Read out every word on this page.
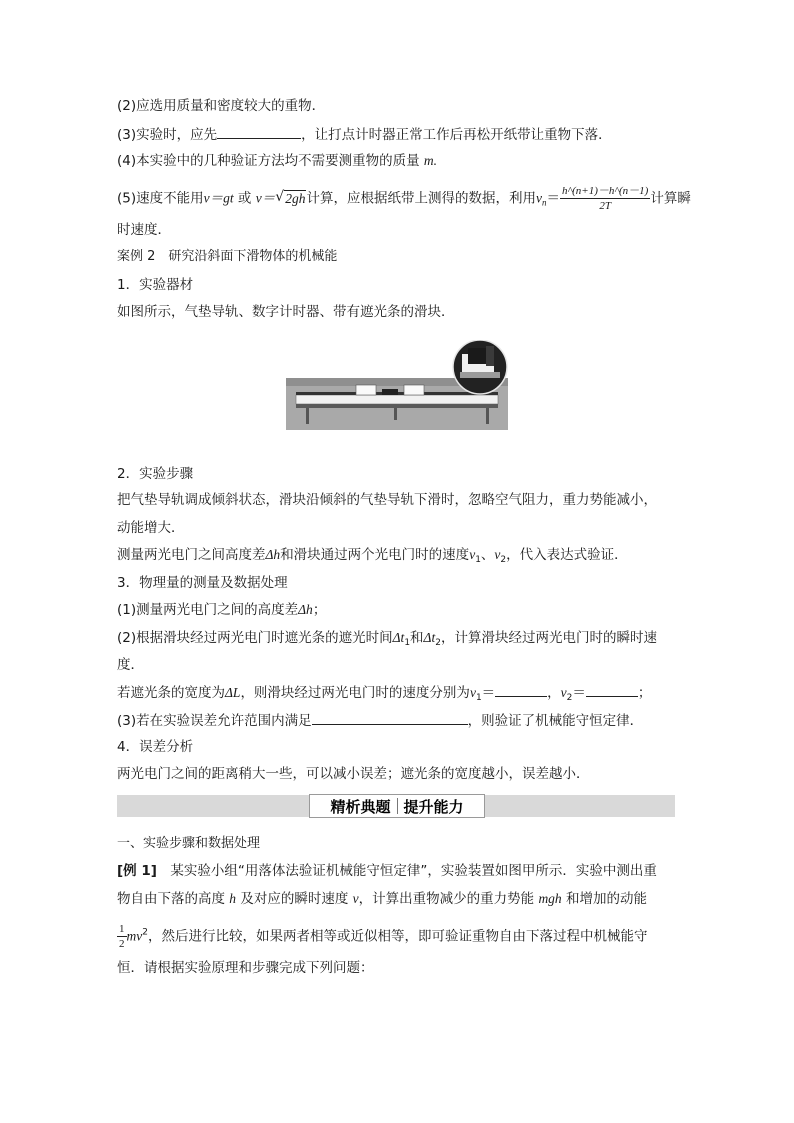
(2)应选用质量和密度较大的重物．
(3)实验时，应先	，让打点计时器正常工作后再松开纸带让重物下落．
(4)本实验中的几种验证方法均不需要测重物的质量 m.
(5)速度不能用v＝gt 或 v＝√ 2gh计算，应根据纸带上测得的数据，利用$v_n= \frac{h\^{}(n+1)-h\^{}(n-1)}{2T}$ 计算瞬
时速度．
案例 2　研究沿斜面下滑物体的机械能
1．实验器材
如图所示，气垫导轨、数字计时器、带有遮光条的滑块．
2．实验步骤
把气垫导轨调成倾斜状态，滑块沿倾斜的气垫导轨下滑时，忽略空气阻力，重力势能减小，
动能增大．
测量两光电门之间高度差Δh和滑块通过两个光电门时的速度$v_1$、$v_2$，代入表达式验证．
3．物理量的测量及数据处理
(1)测量两光电门之间的高度差Δh；
(2)根据滑块经过两光电门时遮光条的遮光时间$\Delta t_1$和$\Delta t_2$，计算滑块经过两光电门时的瞬时速
度．
若遮光条的宽度为ΔL，则滑块经过两光电门时的速度分别为$v_1=$	，$v_2=$	；
(3)若在实验误差允许范围内满足	，则验证了机械能守恒定律．
4．误差分析
两光电门之间的距离稍大一些，可以减小误差；遮光条的宽度越小，误差越小．
精析典题 提升能力
一、实验步骤和数据处理
[例 1]　某实验小组“用落体法验证机械能守恒定律”，实验装置如图甲所示．实验中测出重
物自由下落的高度 h 及对应的瞬时速度 v，计算出重物减少的重力势能 mgh 和增加的动能
$\frac{1}{2} mv^2$，然后进行比较，如果两者相等或近似相等，即可验证重物自由下落过程中机械能守
恒．请根据实验原理和步骤完成下列问题：
